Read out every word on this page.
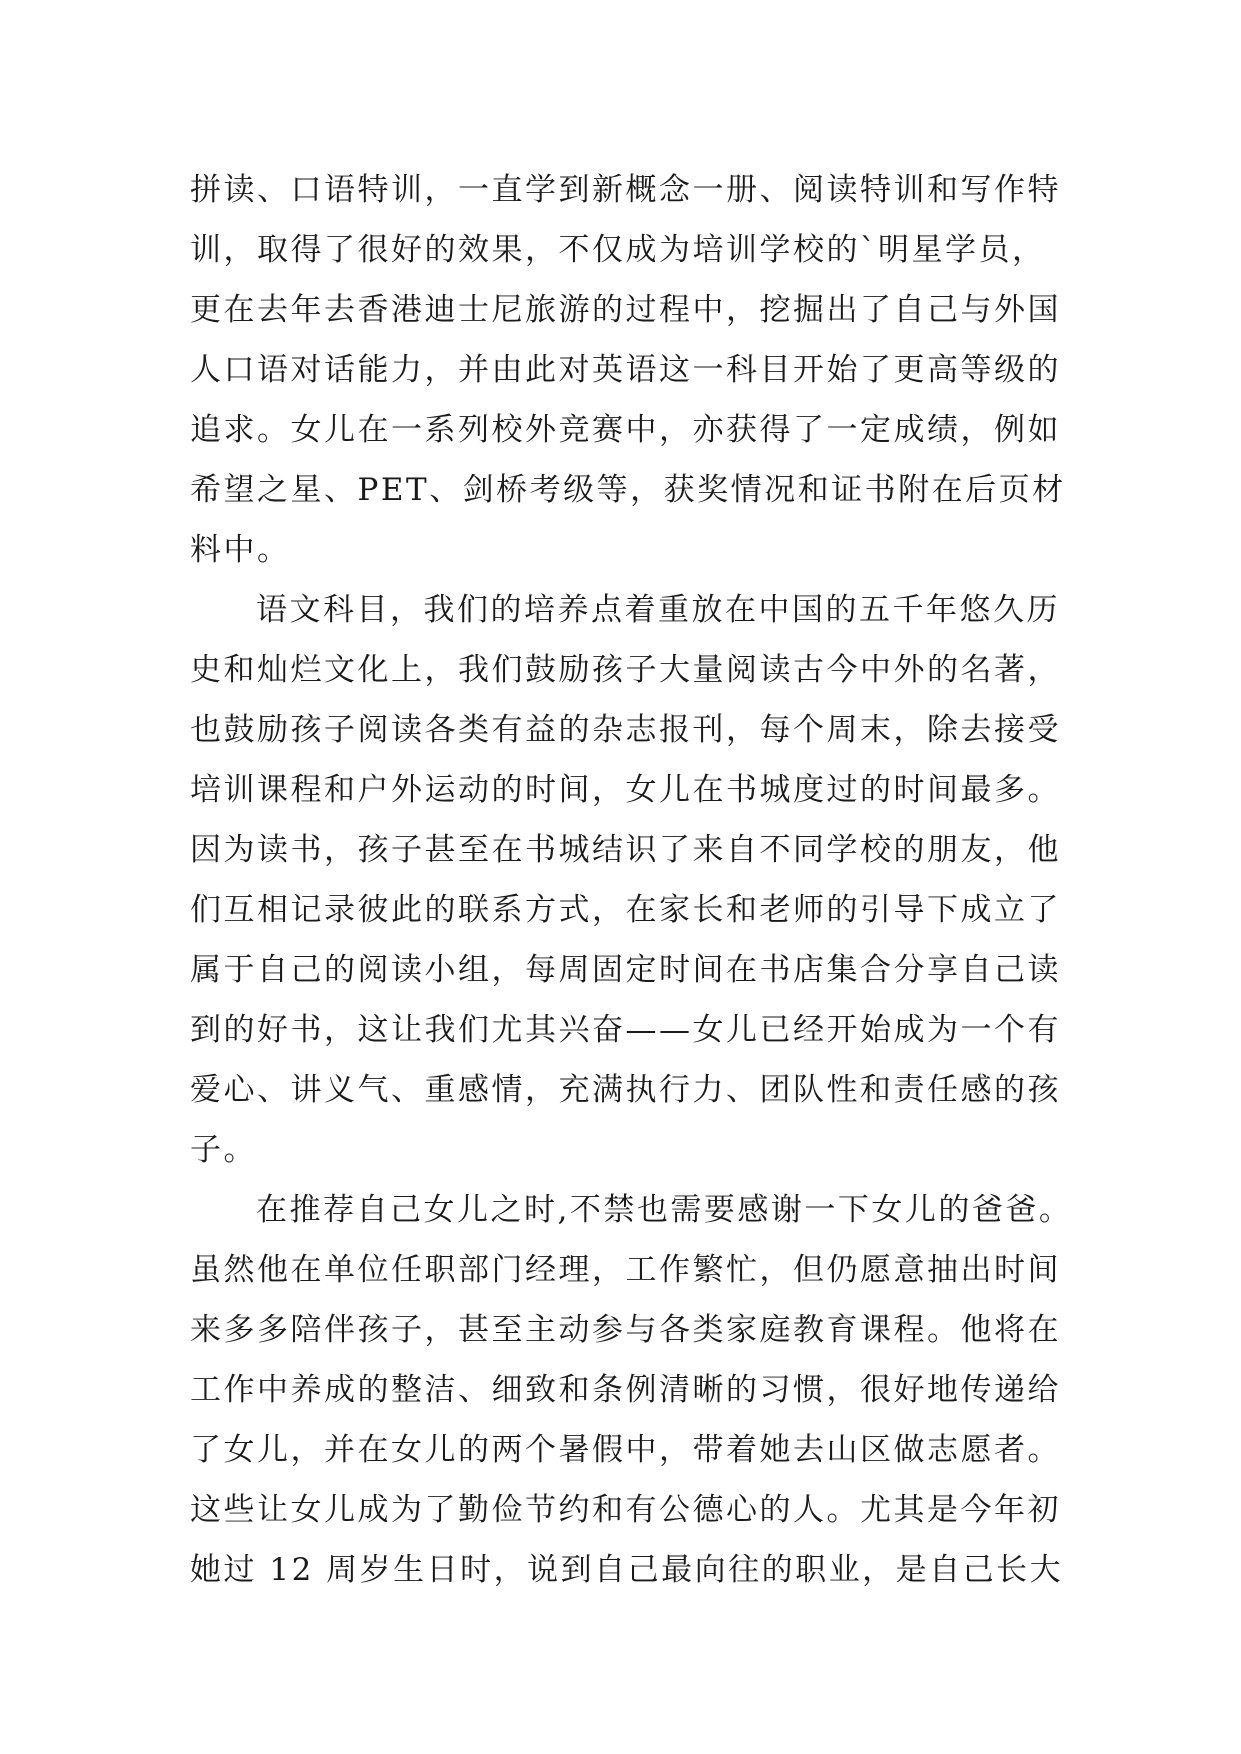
拼读、口语特训，一直学到新概念一册、阅读特训和写作特
训，取得了很好的效果，不仅成为培训学校的`明星学员，
更在去年去香港迪士尼旅游的过程中，挖掘出了自己与外国
人口语对话能力，并由此对英语这一科目开始了更高等级的
追求。女儿在一系列校外竞赛中，亦获得了一定成绩，例如
希望之星、PET、剑桥考级等，获奖情况和证书附在后页材
料中。
语文科目，我们的培养点着重放在中国的五千年悠久历
史和灿烂文化上，我们鼓励孩子大量阅读古今中外的名著，
也鼓励孩子阅读各类有益的杂志报刊，每个周末，除去接受
培训课程和户外运动的时间，女儿在书城度过的时间最多。
因为读书，孩子甚至在书城结识了来自不同学校的朋友，他
们互相记录彼此的联系方式，在家长和老师的引导下成立了
属于自己的阅读小组，每周固定时间在书店集合分享自己读
到的好书，这让我们尤其兴奋——女儿已经开始成为一个有
爱心、讲义气、重感情，充满执行力、团队性和责任感的孩
子。
在推荐自己女儿之时,不禁也需要感谢一下女儿的爸爸。
虽然他在单位任职部门经理，工作繁忙，但仍愿意抽出时间
来多多陪伴孩子，甚至主动参与各类家庭教育课程。他将在
工作中养成的整洁、细致和条例清晰的习惯，很好地传递给
了女儿，并在女儿的两个暑假中，带着她去山区做志愿者。
这些让女儿成为了勤俭节约和有公德心的人。尤其是今年初
她过 12 周岁生日时，说到自己最向往的职业，是自己长大
